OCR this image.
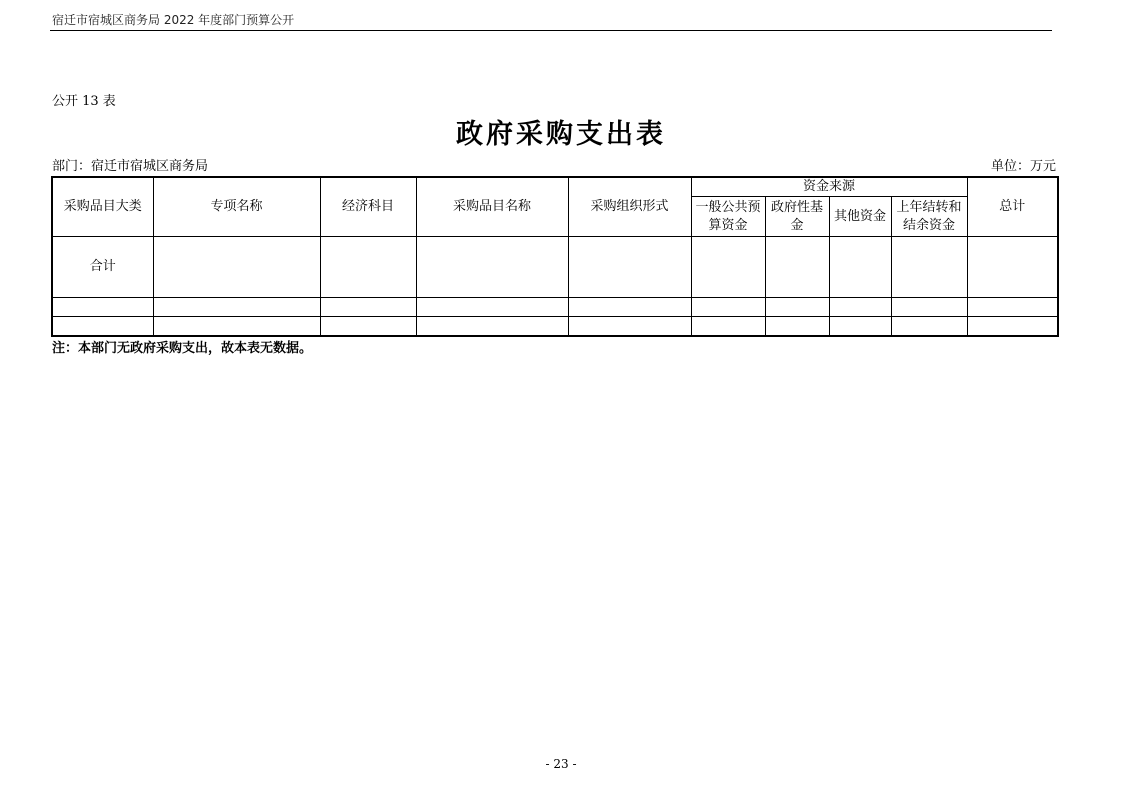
宿迁市宿城区商务局 2022 年度部门预算公开
公开 13 表
政府采购支出表
部门：宿迁市宿城区商务局	单位：万元
采购品目大类	专项名称	经济科目	采购品目名称	采购组织形式	资金来源				总计
					一般公共预算资金	政府性基金	其他资金	上年结转和结余资金	
合计									

注：本部门无政府采购支出，故本表无数据。
- 23 -
